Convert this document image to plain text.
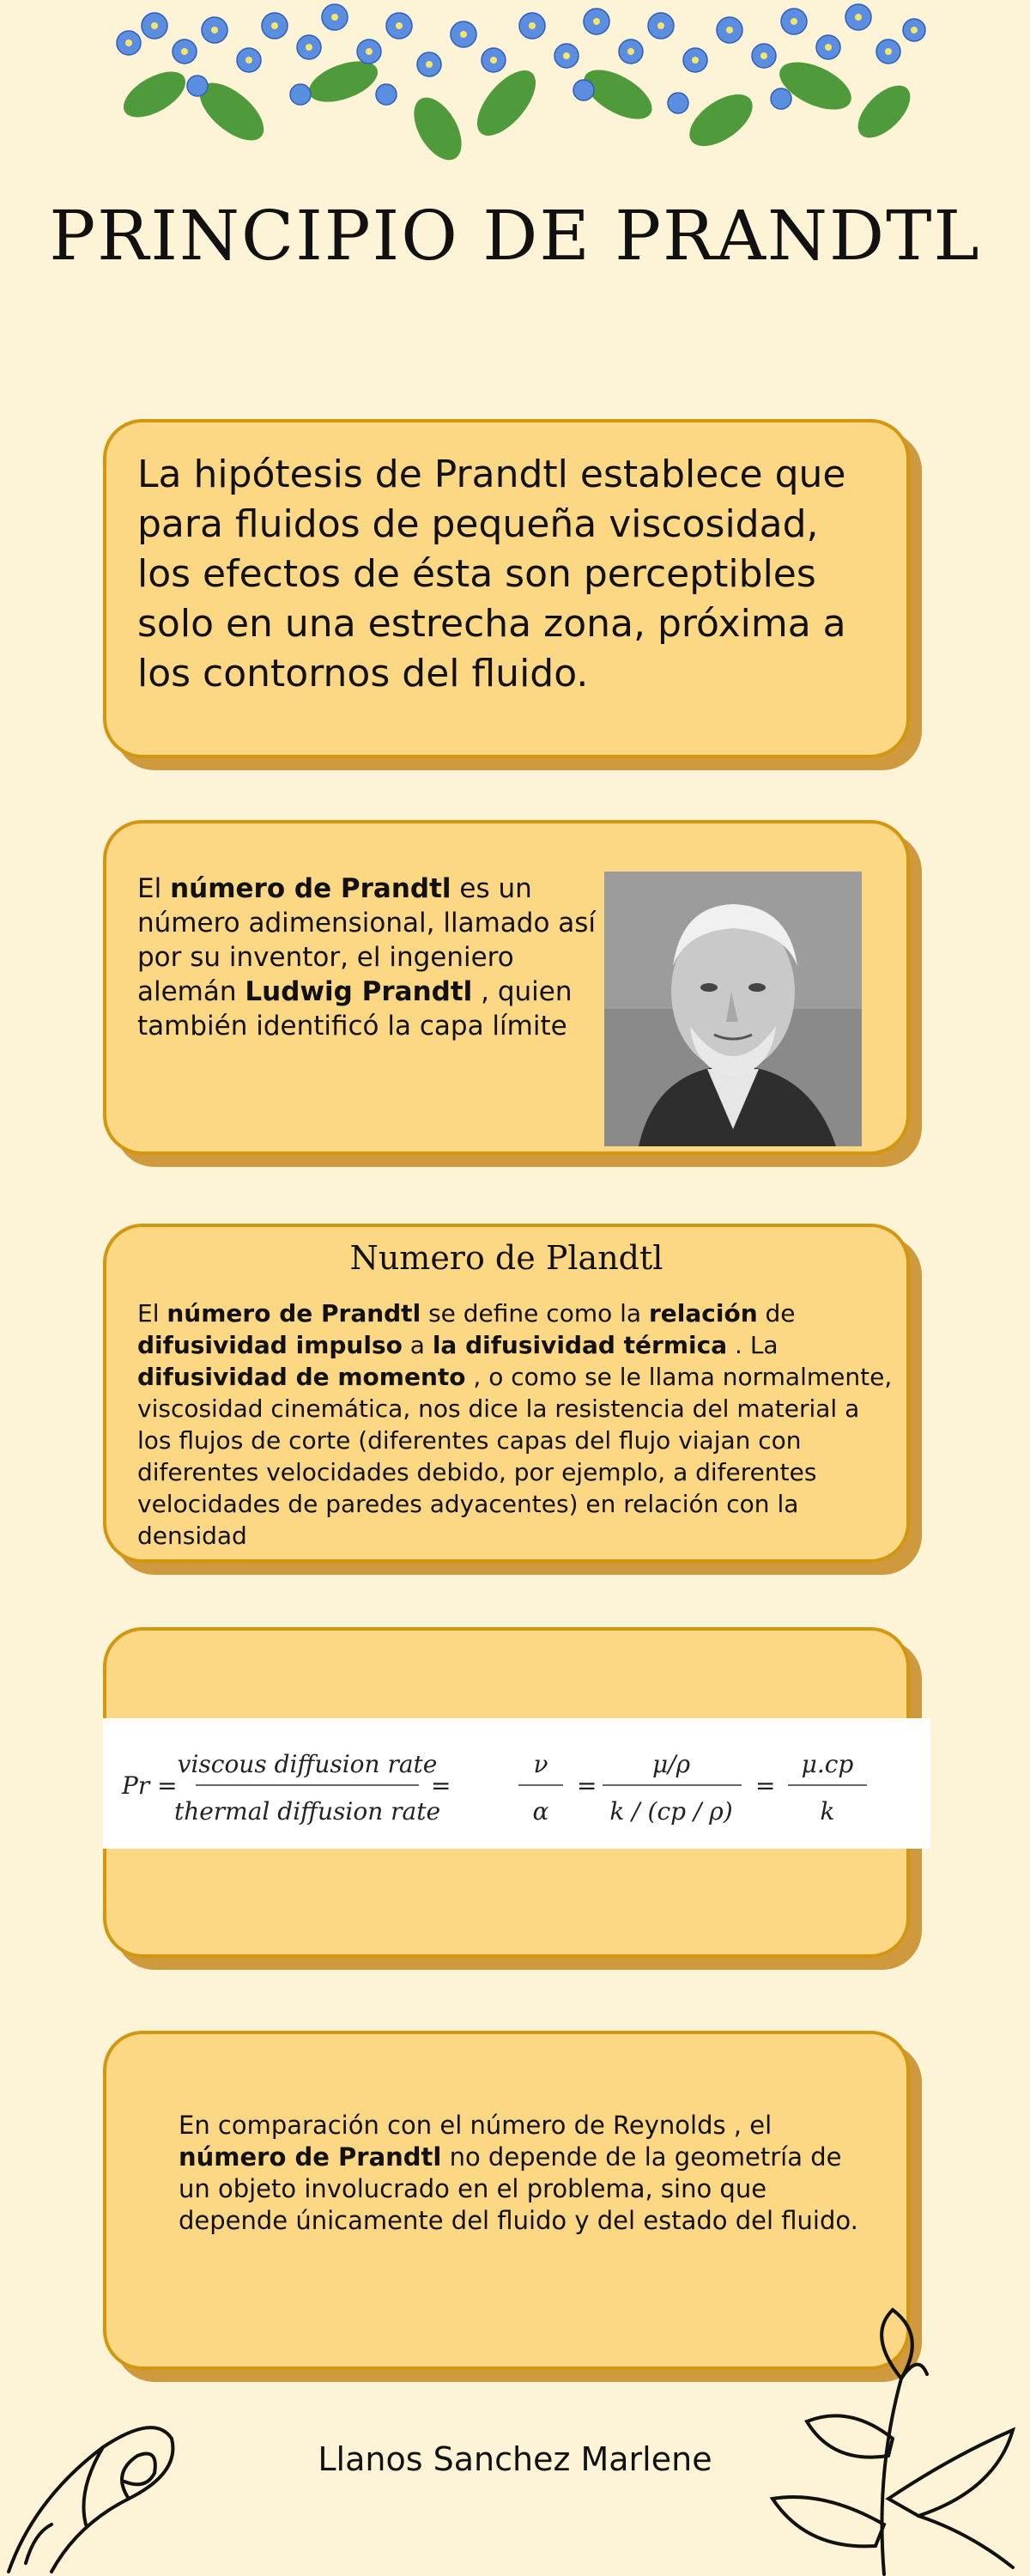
PRINCIPIO DE PRANDTL

La hipótesis de Prandtl establece que para fluidos de pequeña viscosidad, los efectos de ésta son perceptibles solo en una estrecha zona, próxima a los contornos del fluido.

El número de Prandtl es un número adimensional, llamado así por su inventor, el ingeniero alemán Ludwig Prandtl , quien también identificó la capa límite

Numero de Plandtl

El número de Prandtl se define como la relación de difusividad impulso a la difusividad térmica . La difusividad de momento , o como se le llama normalmente, viscosidad cinemática, nos dice la resistencia del material a los flujos de corte (diferentes capas del flujo viajan con diferentes velocidades debido, por ejemplo, a diferentes velocidades de paredes adyacentes) en relación con la densidad

Pr =
viscous diffusion rate
thermal diffusion rate
=
ν
α
=
μ/ρ
k / (cp / ρ)
=
μ.cp
k

En comparación con el número de Reynolds , el número de Prandtl no depende de la geometría de un objeto involucrado en el problema, sino que depende únicamente del fluido y del estado del fluido.

Llanos Sanchez Marlene
